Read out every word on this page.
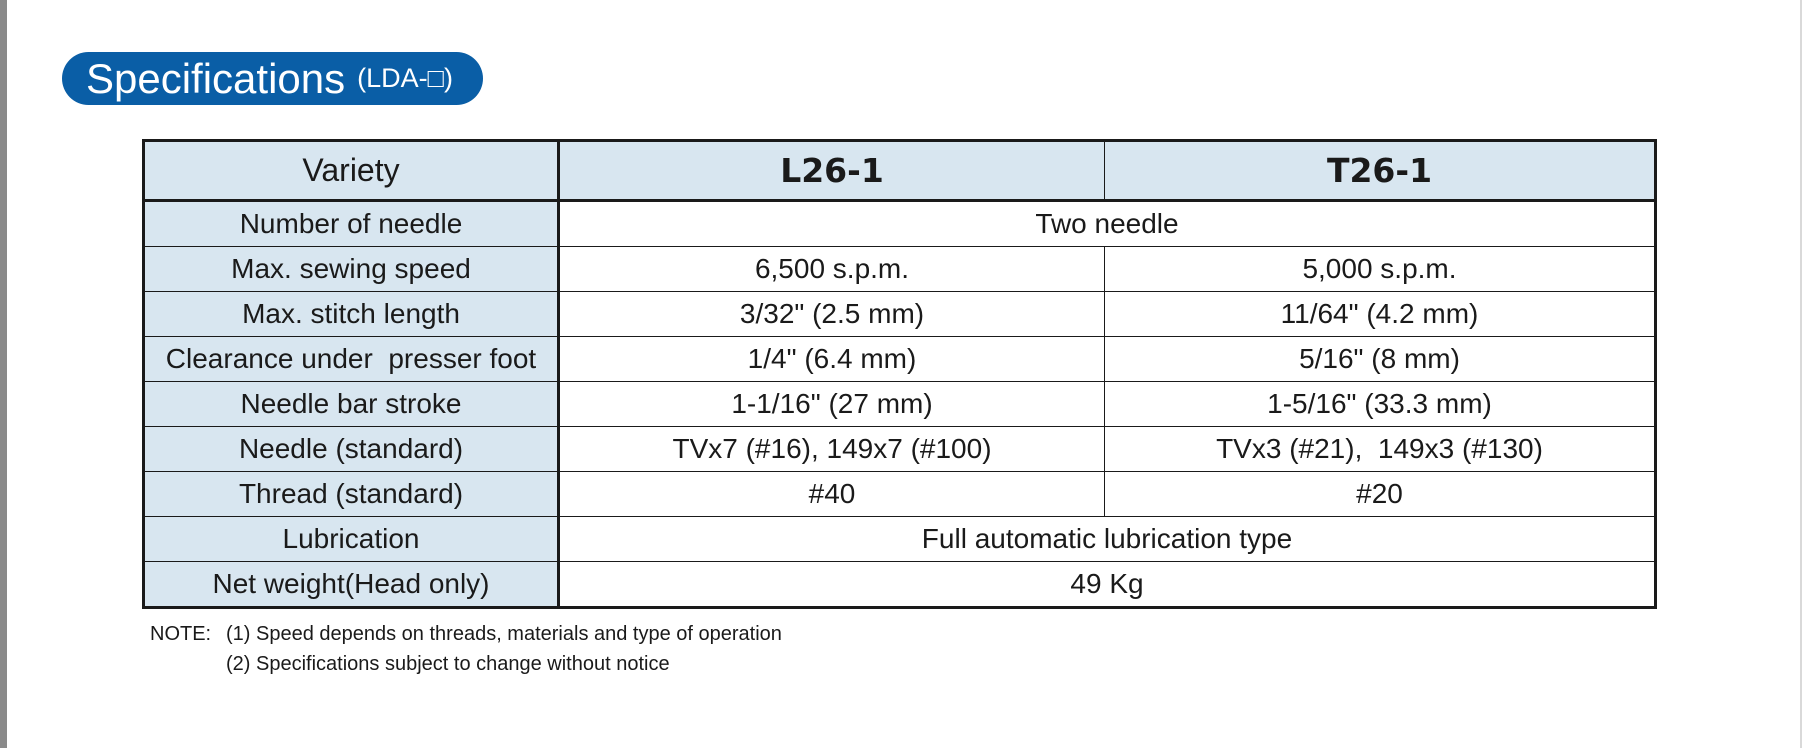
Specifications (LDA-□)
Variety	L26-1	T26-1
Number of needle	Two needle	
Max. sewing speed	6,500 s.p.m.	5,000 s.p.m.
Max. stitch length	3/32" (2.5 mm)	11/64" (4.2 mm)
Clearance under  presser foot	1/4" (6.4 mm)	5/16" (8 mm)
Needle bar stroke	1-1/16" (27 mm)	1-5/16" (33.3 mm)
Needle (standard)	TVx7 (#16), 149x7 (#100)	TVx3 (#21),  149x3 (#130)
Thread (standard)	#40	#20
Lubrication	Full automatic lubrication type	
Net weight(Head only)	49 Kg	
NOTE: (1) Speed depends on threads, materials and type of operation
(2) Specifications subject to change without notice
